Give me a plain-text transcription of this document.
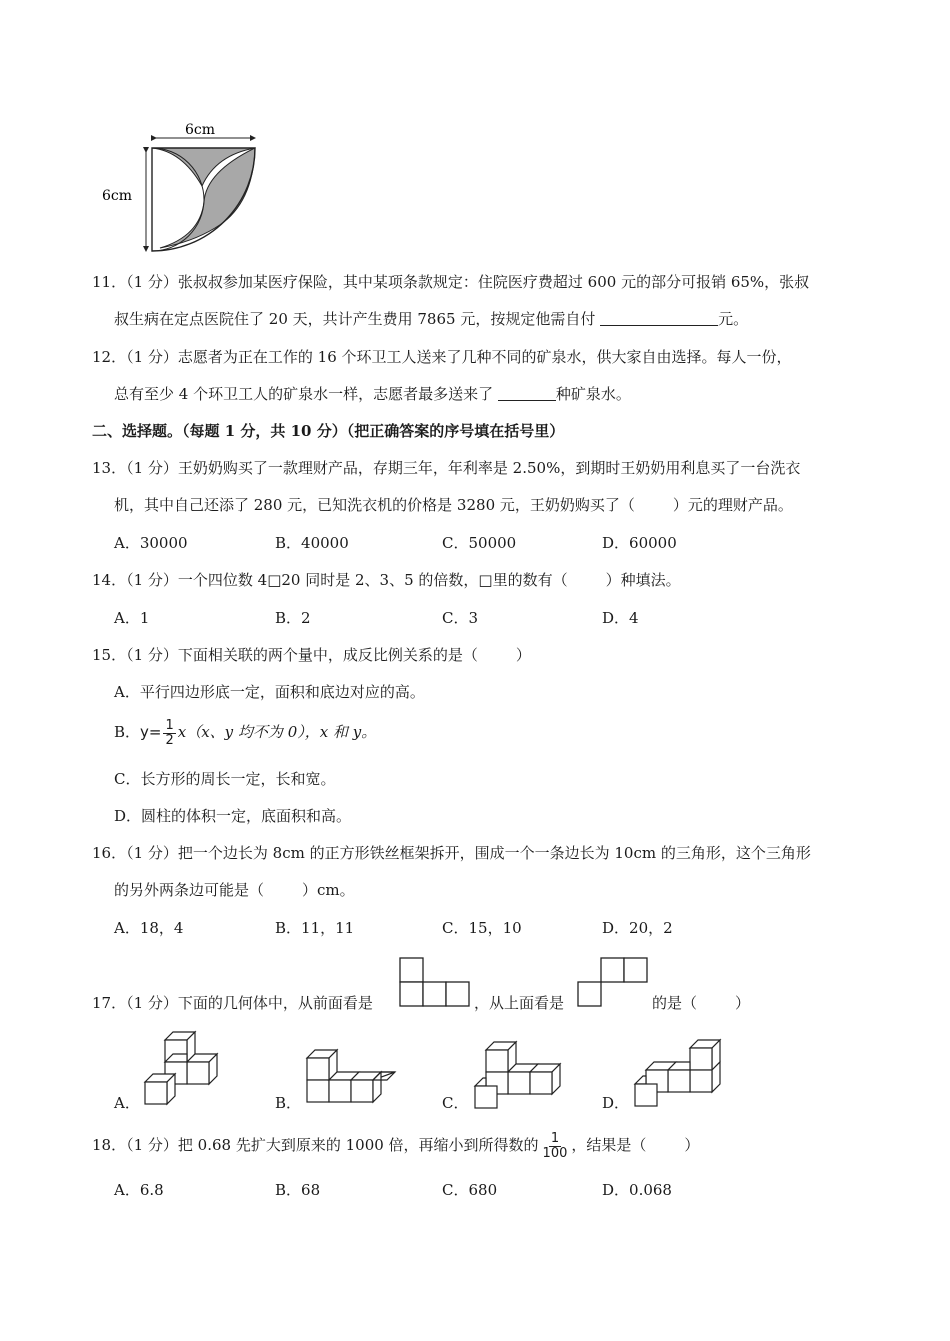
6cm
6cm
11．（1 分）张叔叔参加某医疗保险，其中某项条款规定：住院医疗费超过 600 元的部分可报销 65%，张叔
叔生病在定点医院住了 20 天，共计产生费用 7865 元，按规定他需自付	元。
12．（1 分）志愿者为正在工作的 16 个环卫工人送来了几种不同的矿泉水，供大家自由选择。每人一份，
总有至少 4 个环卫工人的矿泉水一样，志愿者最多送来了	种矿泉水。
二、选择题。（每题 1 分，共 10 分）（把正确答案的序号填在括号里）
13．（1 分）王奶奶购买了一款理财产品，存期三年，年利率是 2.50%，到期时王奶奶用利息买了一台洗衣
机，其中自己还添了 280 元，已知洗衣机的价格是 3280 元，王奶奶购买了（	）元的理财产品。
A．30000	B．40000	C．50000	D．60000
14．（1 分）一个四位数 4□20 同时是 2、3、5 的倍数，□里的数有（	）种填法。
A．1	B．2	C．3	D．4
15．（1 分）下面相关联的两个量中，成反比例关系的是（	）
A．平行四边形底一定，面积和底边对应的高。
B．$y= \frac{1}{2} x(x$、y 均不为 0），x 和 y。
C．长方形的周长一定，长和宽。
D．圆柱的体积一定，底面积和高。
16．（1 分）把一个边长为 8cm 的正方形铁丝框架拆开，围成一个一条边长为 10cm 的三角形，这个三角形
的另外两条边可能是（	）cm。
A．18，4	B．11，11	C．15，10	D．20，2
17．（1 分）下面的几何体中，从前面看是	，从上面看是	的是（	）
A．	B．	C．	D．
18．（1 分）把 0.68 先扩大到原来的 1000 倍，再缩小到所得数的 $\frac{1}{100}$ ，结果是（	）
A．6.8	B．68	C．680	D．0.068
